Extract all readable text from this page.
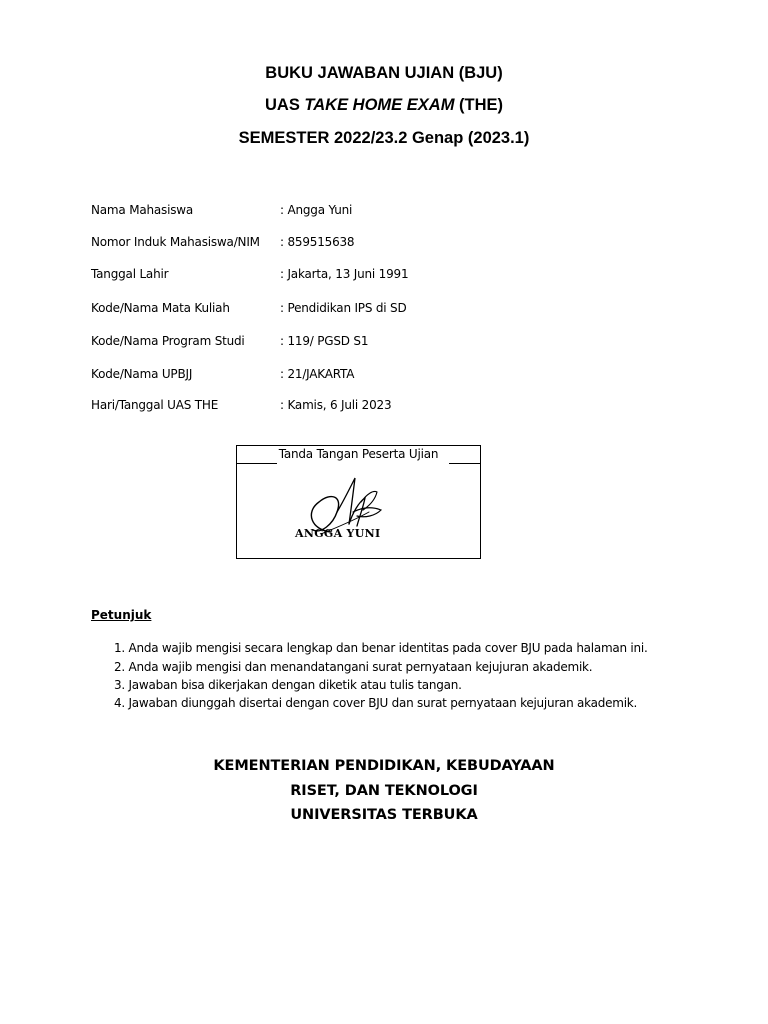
BUKU JAWABAN UJIAN (BJU)
UAS TAKE HOME EXAM (THE)
SEMESTER 2022/23.2 Genap (2023.1)
Nama Mahasiswa	: Angga Yuni
Nomor Induk Mahasiswa/NIM : 859515638
Tanggal Lahir	: Jakarta, 13 Juni 1991
Kode/Nama Mata Kuliah	: Pendidikan IPS di SD
Kode/Nama Program Studi	: 119/ PGSD S1
Kode/Nama UPBJJ	: 21/JAKARTA
Hari/Tanggal UAS THE	: Kamis, 6 Juli 2023
Tanda Tangan Peserta Ujian
ANGGA YUNI
Petunjuk
1. Anda wajib mengisi secara lengkap dan benar identitas pada cover BJU pada halaman ini.
2. Anda wajib mengisi dan menandatangani surat pernyataan kejujuran akademik.
3. Jawaban bisa dikerjakan dengan diketik atau tulis tangan.
4. Jawaban diunggah disertai dengan cover BJU dan surat pernyataan kejujuran akademik.
KEMENTERIAN PENDIDIKAN, KEBUDAYAAN
RISET, DAN TEKNOLOGI
UNIVERSITAS TERBUKA
